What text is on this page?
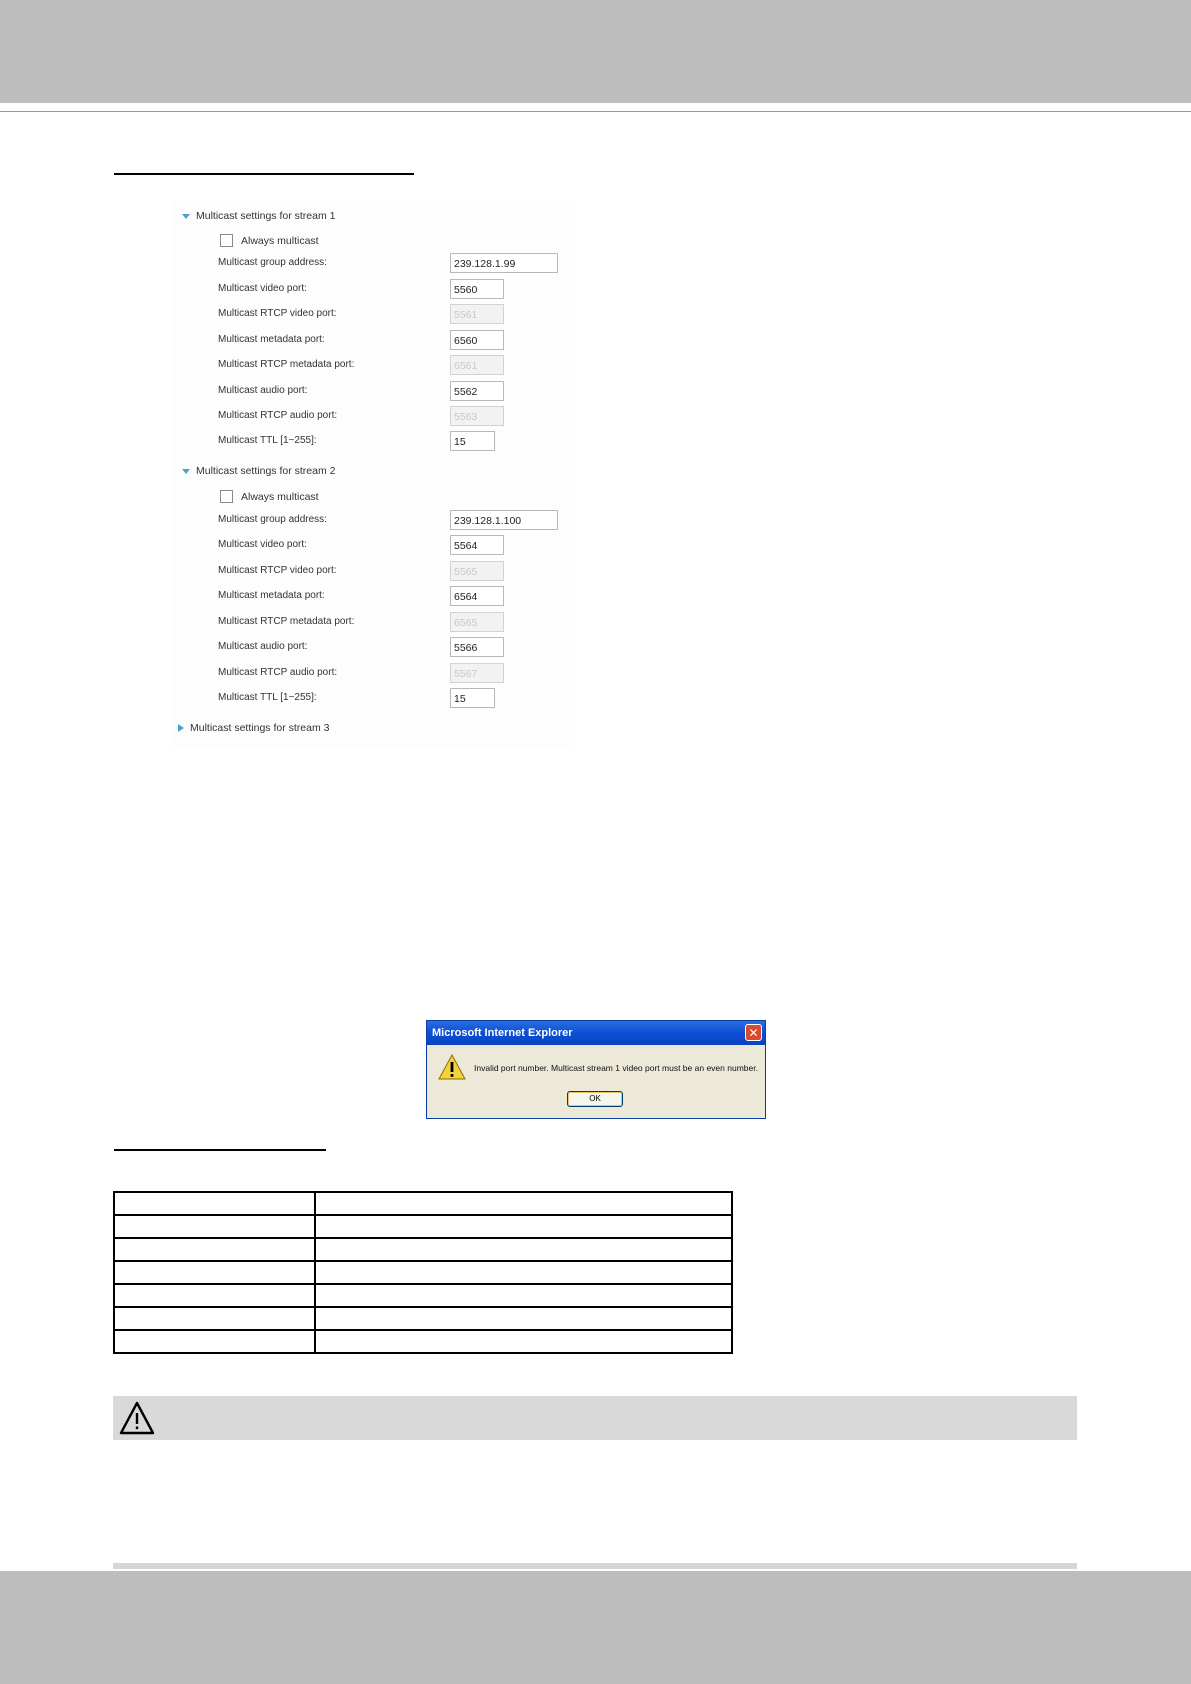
Multicast settings for stream 1
Always multicast
Multicast group address:	239.128.1.99
Multicast video port:	5560
Multicast RTCP video port:	5561
Multicast metadata port:	6560
Multicast RTCP metadata port:	6561
Multicast audio port:	5562
Multicast RTCP audio port:	5563
Multicast TTL [1~255]:	15
Multicast settings for stream 2
Always multicast
Multicast group address:	239.128.1.100
Multicast video port:	5564
Multicast RTCP video port:	5565
Multicast metadata port:	6564
Multicast RTCP metadata port:	6565
Multicast audio port:	5566
Multicast RTCP audio port:	5567
Multicast TTL [1~255]:	15
Multicast settings for stream 3
Microsoft Internet Explorer	✕
Invalid port number. Multicast stream 1 video port must be an even number.
OK
